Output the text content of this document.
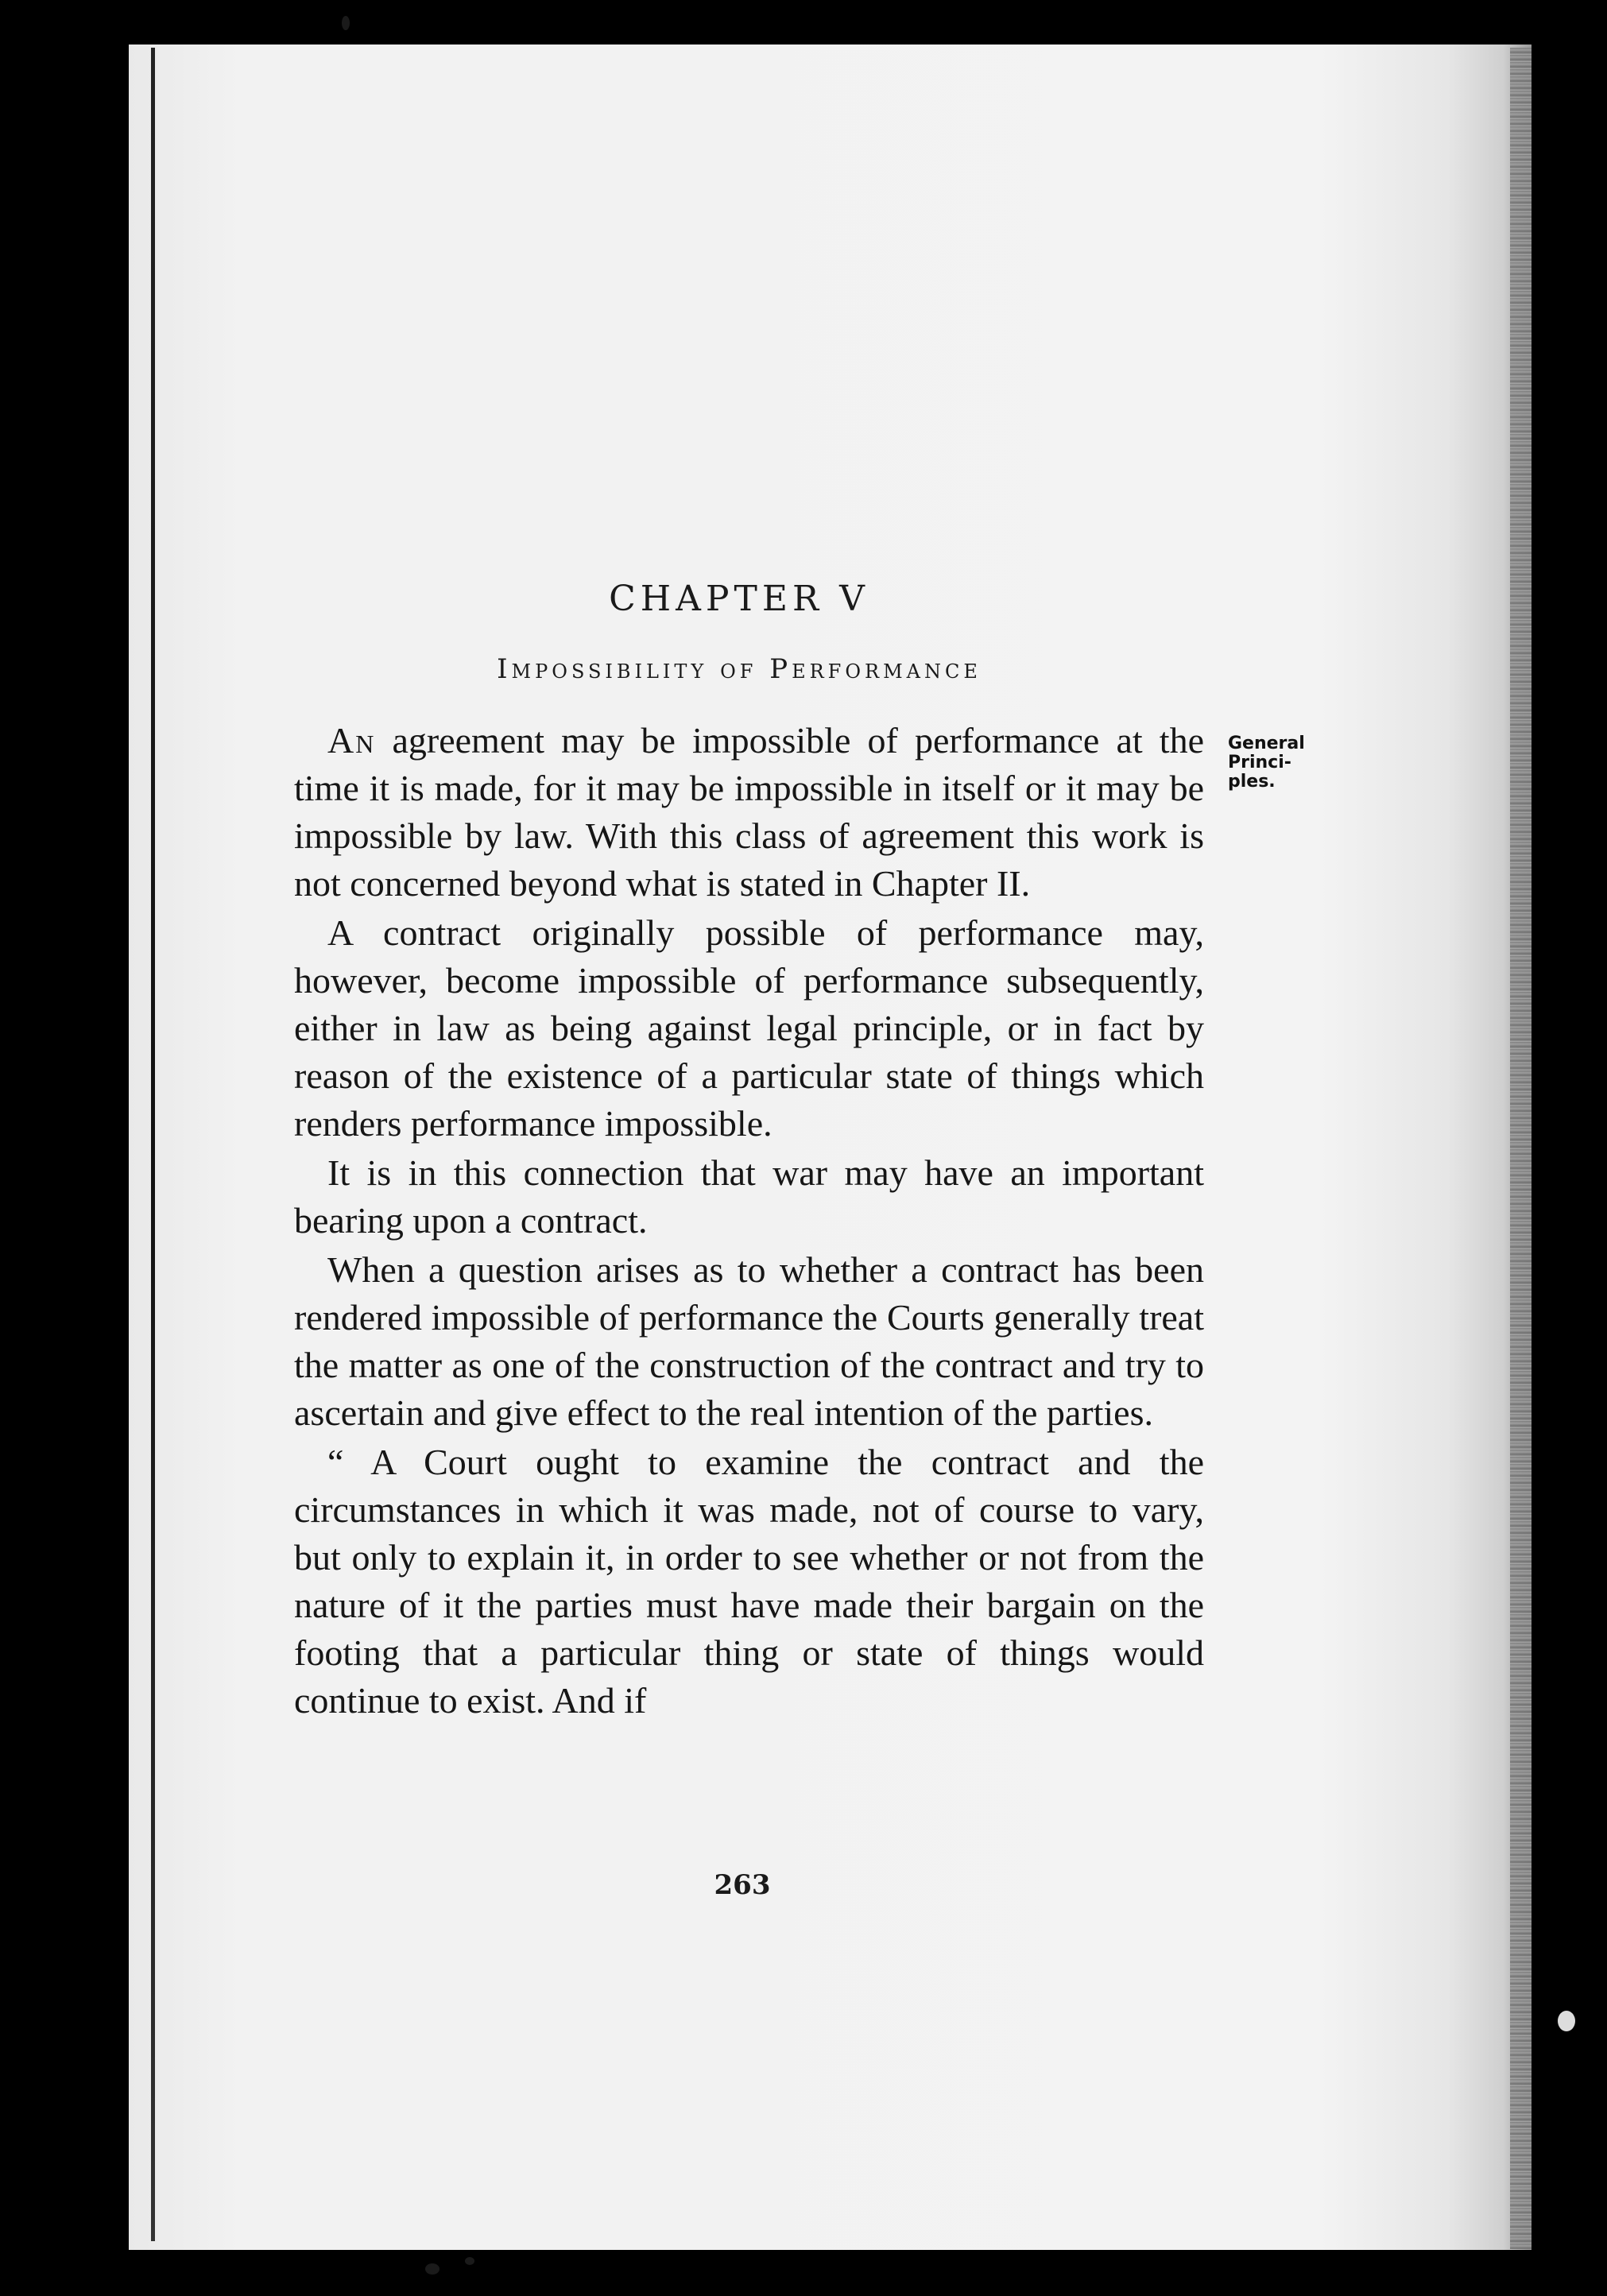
CHAPTER V
Impossibility of Performance

An agreement may be impossible of performance at the time it is made, for it may be impossible in itself or it may be impossible by law. With this class of agreement this work is not concerned beyond what is stated in Chapter II.

A contract originally possible of performance may, however, become impossible of performance subsequently, either in law as being against legal principle, or in fact by reason of the existence of a particular state of things which renders performance impossible.

It is in this connection that war may have an important bearing upon a contract.

When a question arises as to whether a contract has been rendered impossible of performance the Courts generally treat the matter as one of the construction of the contract and try to ascertain and give effect to the real intention of the parties.

“ A Court ought to examine the contract and the circumstances in which it was made, not of course to vary, but only to explain it, in order to see whether or not from the nature of it the parties must have made their bargain on the footing that a particular thing or state of things would continue to exist. And if

General
Princi-
ples.
263
